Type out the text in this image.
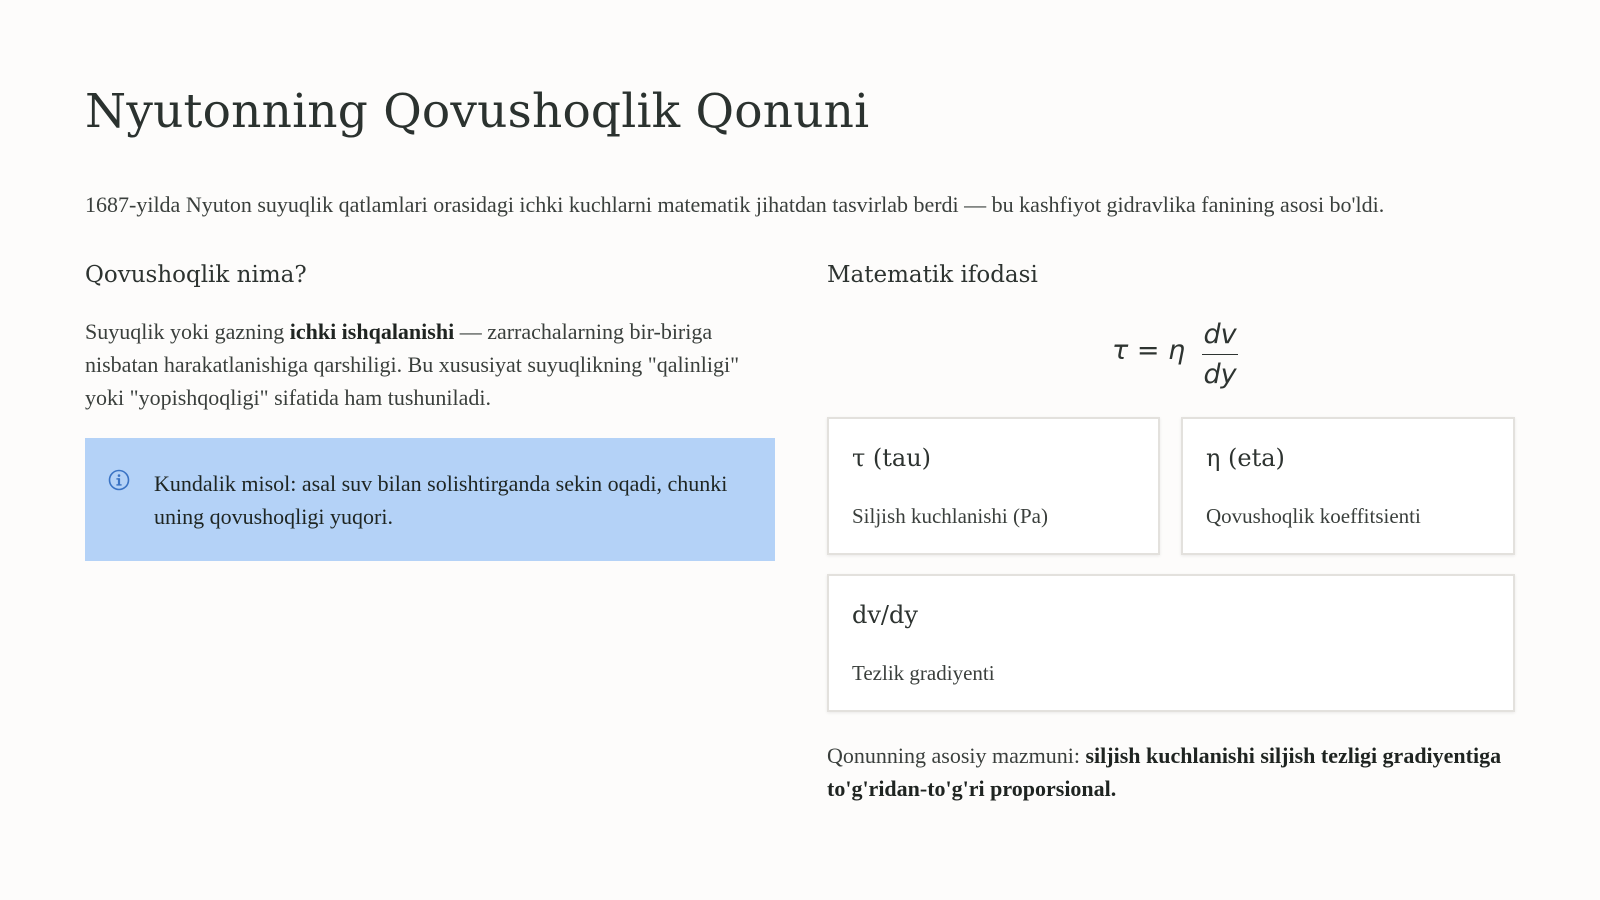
Nyutonning Qovushoqlik Qonuni

1687-yilda Nyuton suyuqlik qatlamlari orasidagi ichki kuchlarni matematik jihatdan tasvirlab berdi — bu kashfiyot gidravlika fanining asosi bo'ldi.

Qovushoqlik nima?

Suyuqlik yoki gazning ichki ishqalanishi — zarrachalarning bir-biriga nisbatan harakatlanishiga qarshiligi. Bu xususiyat suyuqlikning "qalinligi" yoki "yopishqoqligi" sifatida ham tushuniladi.

Kundalik misol: asal suv bilan solishtirganda sekin oqadi, chunki uning qovushoqligi yuqori.
Matematik ifodasi
τ = η
dv
dy
τ (tau)
Siljish kuchlanishi (Pa)
η (eta)
Qovushoqlik koeffitsienti
dv/dy
Tezlik gradiyenti

Qonunning asosiy mazmuni: siljish kuchlanishi siljish tezligi gradiyentiga to'g'ridan-to'g'ri proporsional.
